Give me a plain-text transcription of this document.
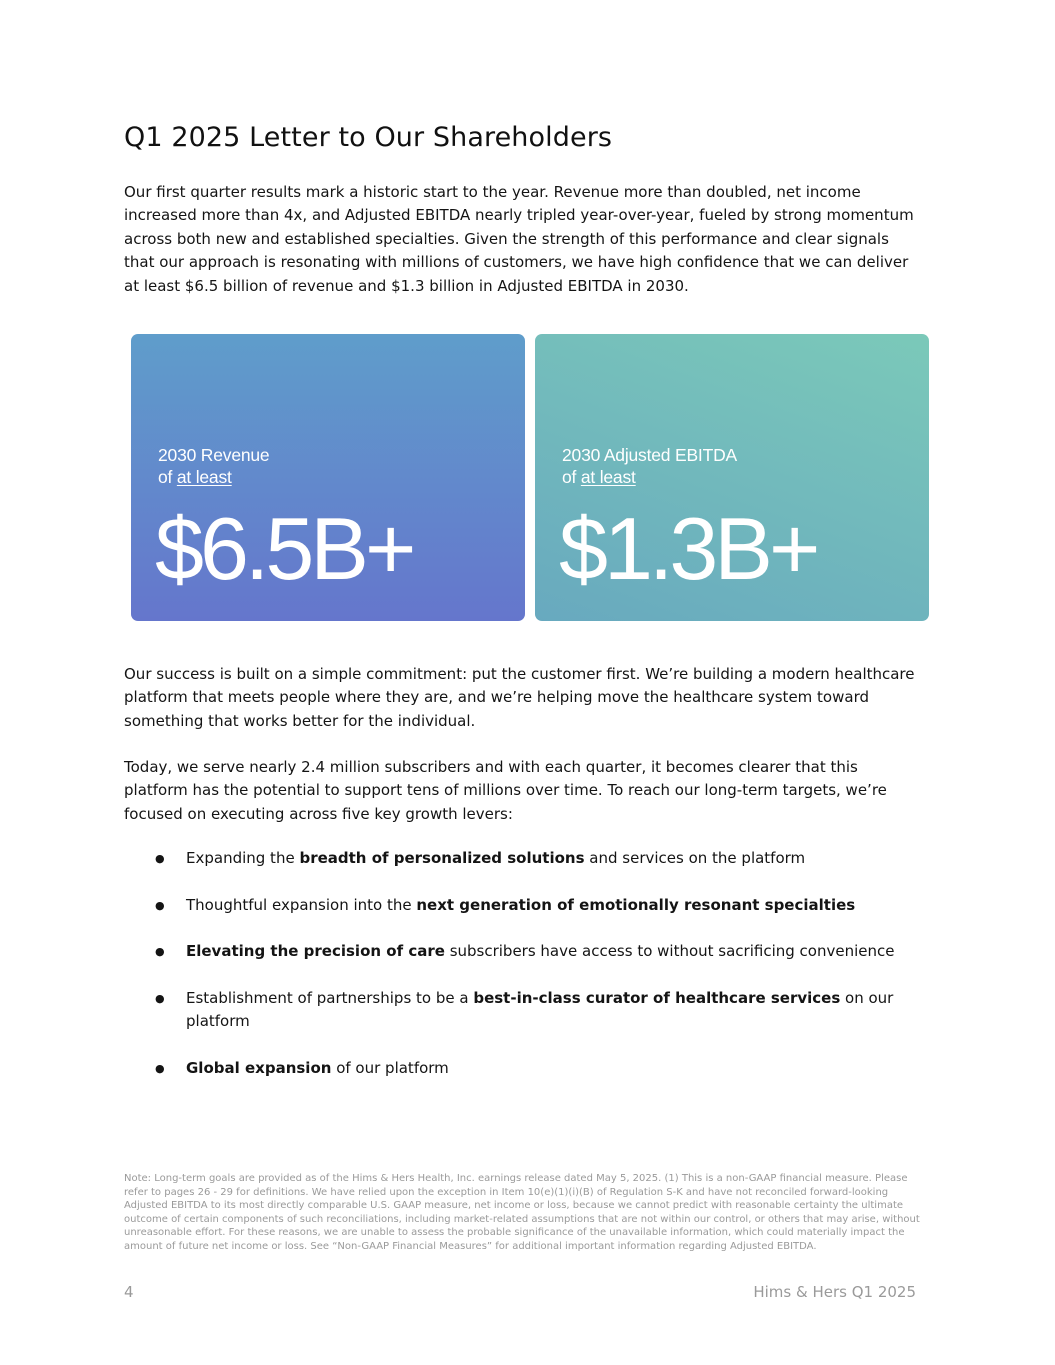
Q1 2025 Letter to Our Shareholders

Our first quarter results mark a historic start to the year. Revenue more than doubled, net income increased more than 4x, and Adjusted EBITDA nearly tripled year-over-year, fueled by strong momentum across both new and established specialties. Given the strength of this performance and clear signals that our approach is resonating with millions of customers, we have high confidence that we can deliver at least $6.5 billion of revenue and $1.3 billion in Adjusted EBITDA in 2030.

2030 Revenue
of at least
$6.5B+
2030 Adjusted EBITDA
of at least
$1.3B+

Our success is built on a simple commitment: put the customer first. We’re building a modern healthcare platform that meets people where they are, and we’re helping move the healthcare system toward something that works better for the individual.

Today, we serve nearly 2.4 million subscribers and with each quarter, it becomes clearer that this platform has the potential to support tens of millions over time. To reach our long-term targets, we’re focused on executing across five key growth levers:

● Expanding the breadth of personalized solutions and services on the platform
● Thoughtful expansion into the next generation of emotionally resonant specialties
● Elevating the precision of care subscribers have access to without sacrificing convenience
● Establishment of partnerships to be a best-in-class curator of healthcare services on our platform
● Global expansion of our platform

Note: Long-term goals are provided as of the Hims & Hers Health, Inc. earnings release dated May 5, 2025. (1) This is a non-GAAP financial measure. Please refer to pages 26 - 29 for definitions. We have relied upon the exception in Item 10(e)(1)(i)(B) of Regulation S-K and have not reconciled forward-looking Adjusted EBITDA to its most directly comparable U.S. GAAP measure, net income or loss, because we cannot predict with reasonable certainty the ultimate outcome of certain components of such reconciliations, including market-related assumptions that are not within our control, or others that may arise, without unreasonable effort. For these reasons, we are unable to assess the probable significance of the unavailable information, which could materially impact the amount of future net income or loss. See “Non-GAAP Financial Measures” for additional important information regarding Adjusted EBITDA.

4	Hims & Hers Q1 2025
